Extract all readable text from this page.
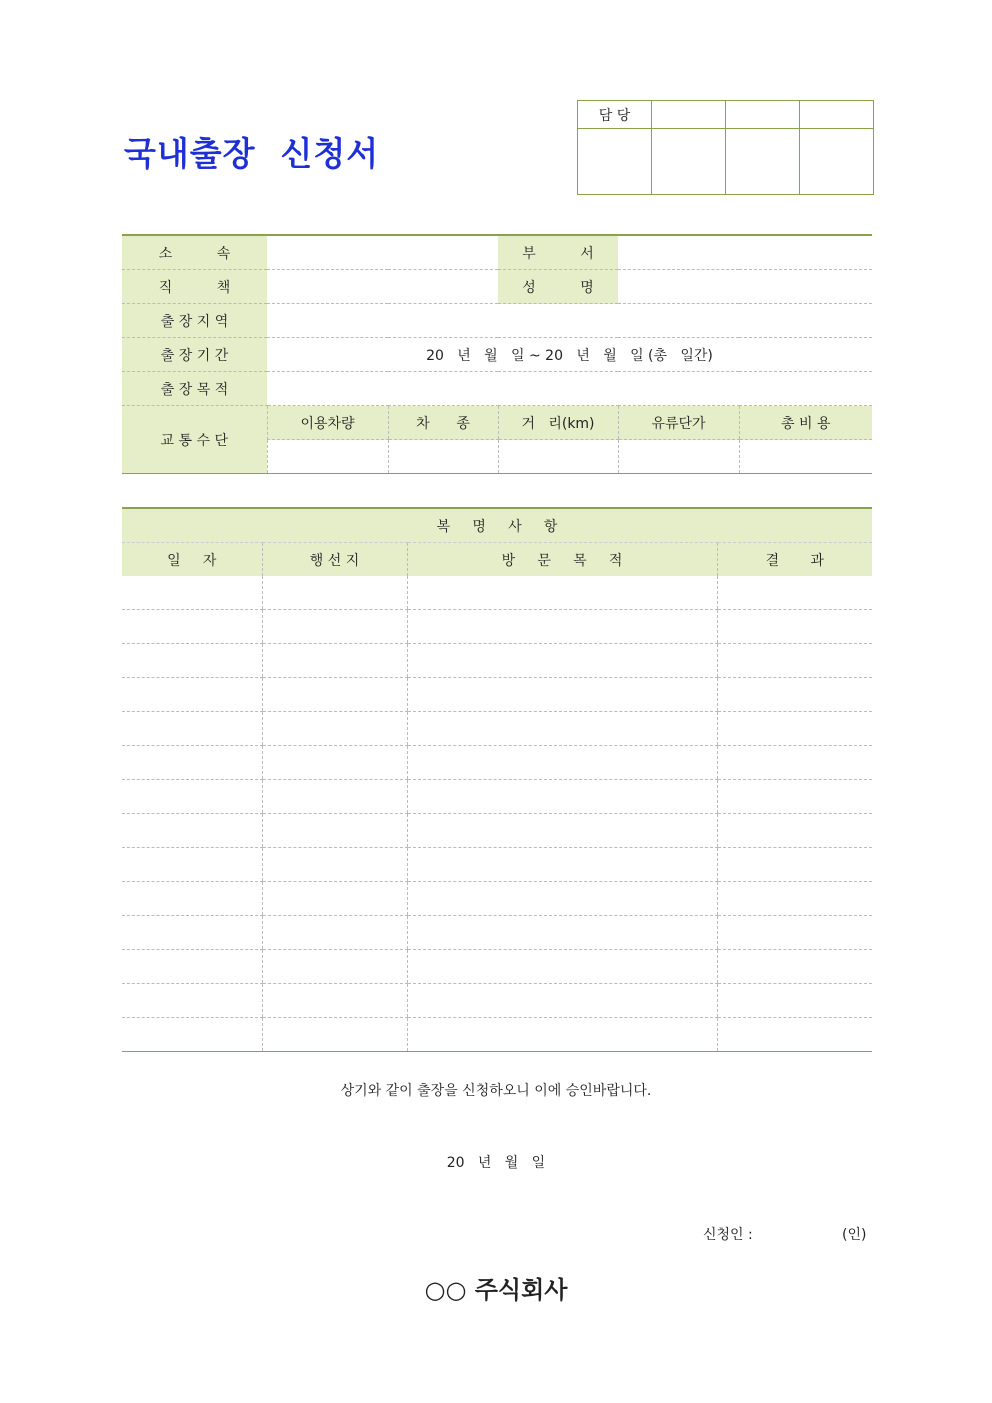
국내출장  신청서
담 당			

소          속			부          서		
직          책			성          명		
출 장 지 역					
출 장 기 간	20   년   월   일 ~ 20   년   월   일 (총   일간)				
출 장 목 적					
교 통 수 단	이용차량	차      종	거   리(km)	유류단가	총 비 용

복     명     사     항			
일     자	행 선 지	방     문     목     적	결       과

상기와 같이 출장을 신청하오니 이에 승인바랍니다.
20   년   월   일
신청인 :	(인)
○○ 주식회사
